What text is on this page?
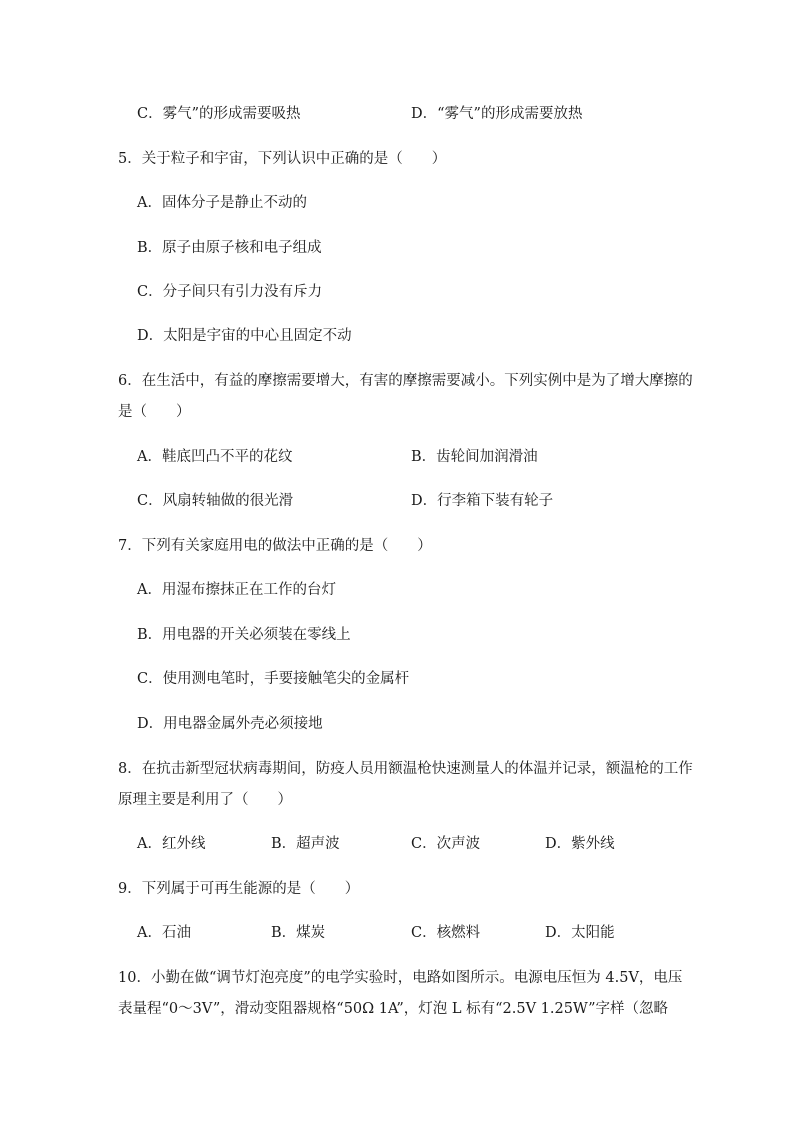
C．雾气”的形成需要吸热	D．“雾气”的形成需要放热
5．关于粒子和宇宙，下列认识中正确的是（　　）
A．固体分子是静止不动的
B．原子由原子核和电子组成
C．分子间只有引力没有斥力
D．太阳是宇宙的中心且固定不动
6．在生活中，有益的摩擦需要增大，有害的摩擦需要减小。下列实例中是为了增大摩擦的
是（　　）
A．鞋底凹凸不平的花纹	B．齿轮间加润滑油
C．风扇转轴做的很光滑	D．行李箱下装有轮子
7．下列有关家庭用电的做法中正确的是（　　）
A．用湿布擦抹正在工作的台灯
B．用电器的开关必须装在零线上
C．使用测电笔时，手要接触笔尖的金属杆
D．用电器金属外壳必须接地
8．在抗击新型冠状病毒期间，防疫人员用额温枪快速测量人的体温并记录，额温枪的工作
原理主要是利用了（　　）
A．红外线	B．超声波	C．次声波	D．紫外线
9．下列属于可再生能源的是（　　）
A．石油	B．煤炭	C．核燃料	D．太阳能
10．小勤在做“调节灯泡亮度”的电学实验时，电路如图所示。电源电压恒为 4.5V，电压
表量程“0～3V”，滑动变阻器规格“50Ω 1A”，灯泡 L 标有“2.5V 1.25W”字样（忽略
